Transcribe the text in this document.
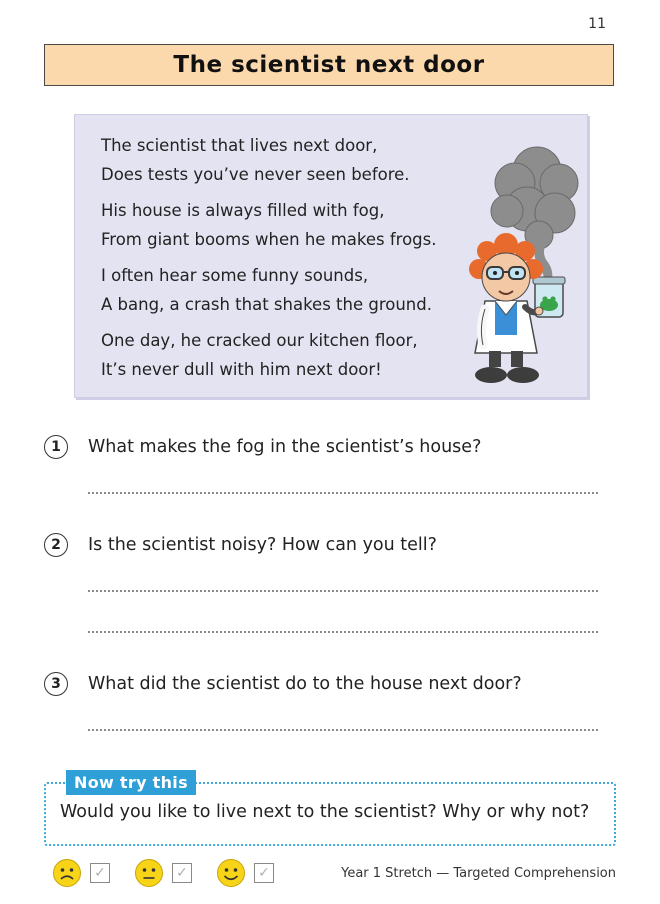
11
The scientist next door
The scientist that lives next door,
Does tests you’ve never seen before.
His house is always filled with fog,
From giant booms when he makes frogs.
I often hear some funny sounds,
A bang, a crash that shakes the ground.
One day, he cracked our kitchen floor,
It’s never dull with him next door!
1	What makes the fog in the scientist’s house?
2	Is the scientist noisy? How can you tell?
3	What did the scientist do to the house next door?
Now try this
Would you like to live next to the scientist? Why or why not?
✓	✓	✓	Year 1 Stretch — Targeted Comprehension
